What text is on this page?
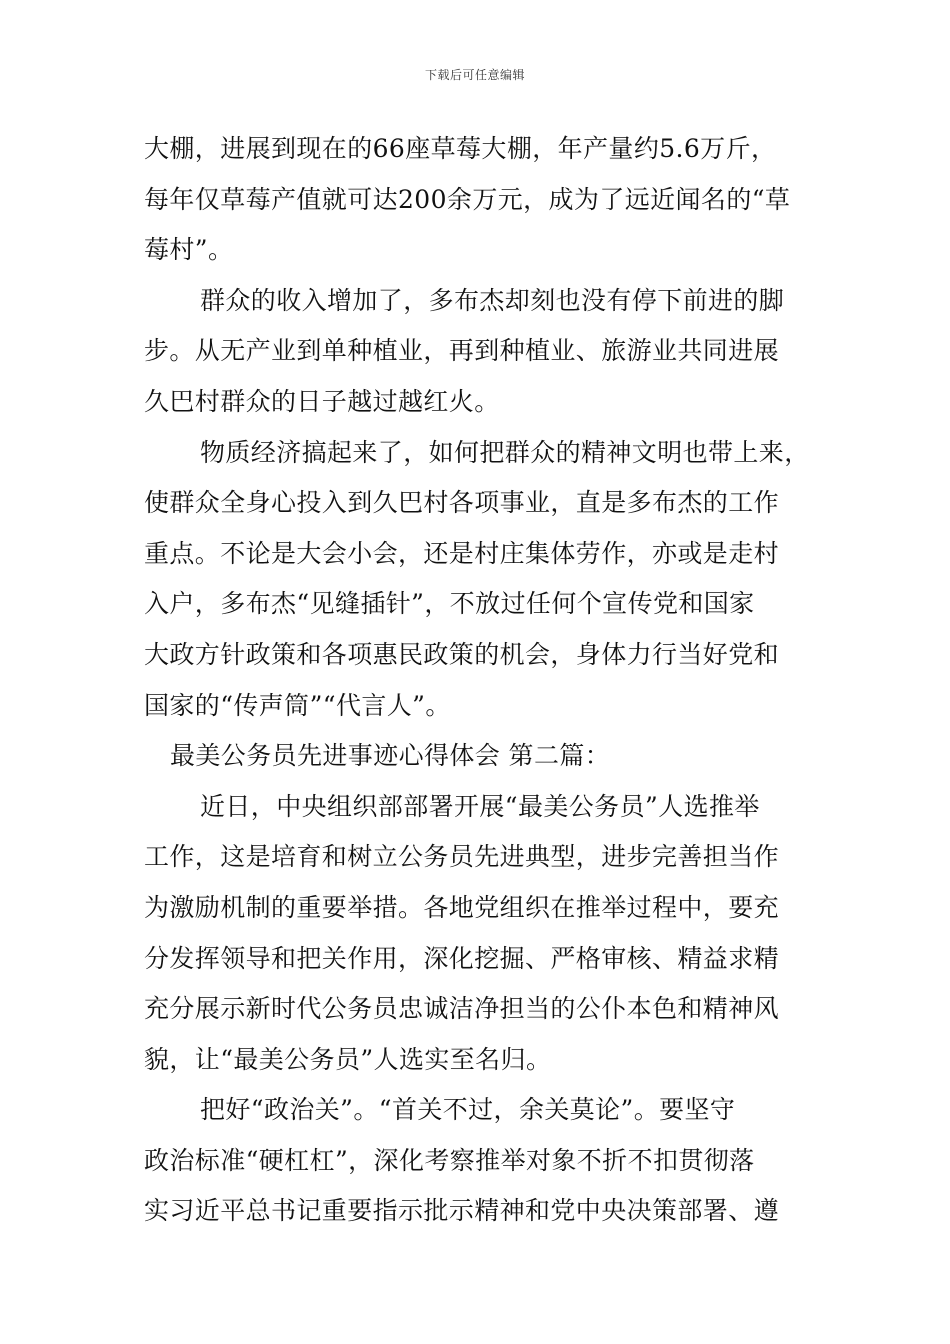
下载后可任意编辑
大棚，进展到现在的66座草莓大棚，年产量约5.6万斤，
每年仅草莓产值就可达200余万元，成为了远近闻名的“草
莓村”。
群众的收入增加了，多布杰却刻也没有停下前进的脚
步。从无产业到单种植业，再到种植业、旅游业共同进展
久巴村群众的日子越过越红火。
物质经济搞起来了，如何把群众的精神文明也带上来，
使群众全身心投入到久巴村各项事业，直是多布杰的工作
重点。不论是大会小会，还是村庄集体劳作，亦或是走村
入户，多布杰“见缝插针”，不放过任何个宣传党和国家
大政方针政策和各项惠民政策的机会，身体力行当好党和
国家的“传声筒”“代言人”。
最美公务员先进事迹心得体会 第二篇：
近日，中央组织部部署开展“最美公务员”人选推举
工作，这是培育和树立公务员先进典型，进步完善担当作
为激励机制的重要举措。各地党组织在推举过程中，要充
分发挥领导和把关作用，深化挖掘、严格审核、精益求精
充分展示新时代公务员忠诚洁净担当的公仆本色和精神风
貌，让“最美公务员”人选实至名归。
把好“政治关”。“首关不过，余关莫论”。要坚守
政治标准“硬杠杠”，深化考察推举对象不折不扣贯彻落
实习近平总书记重要指示批示精神和党中央决策部署、遵
